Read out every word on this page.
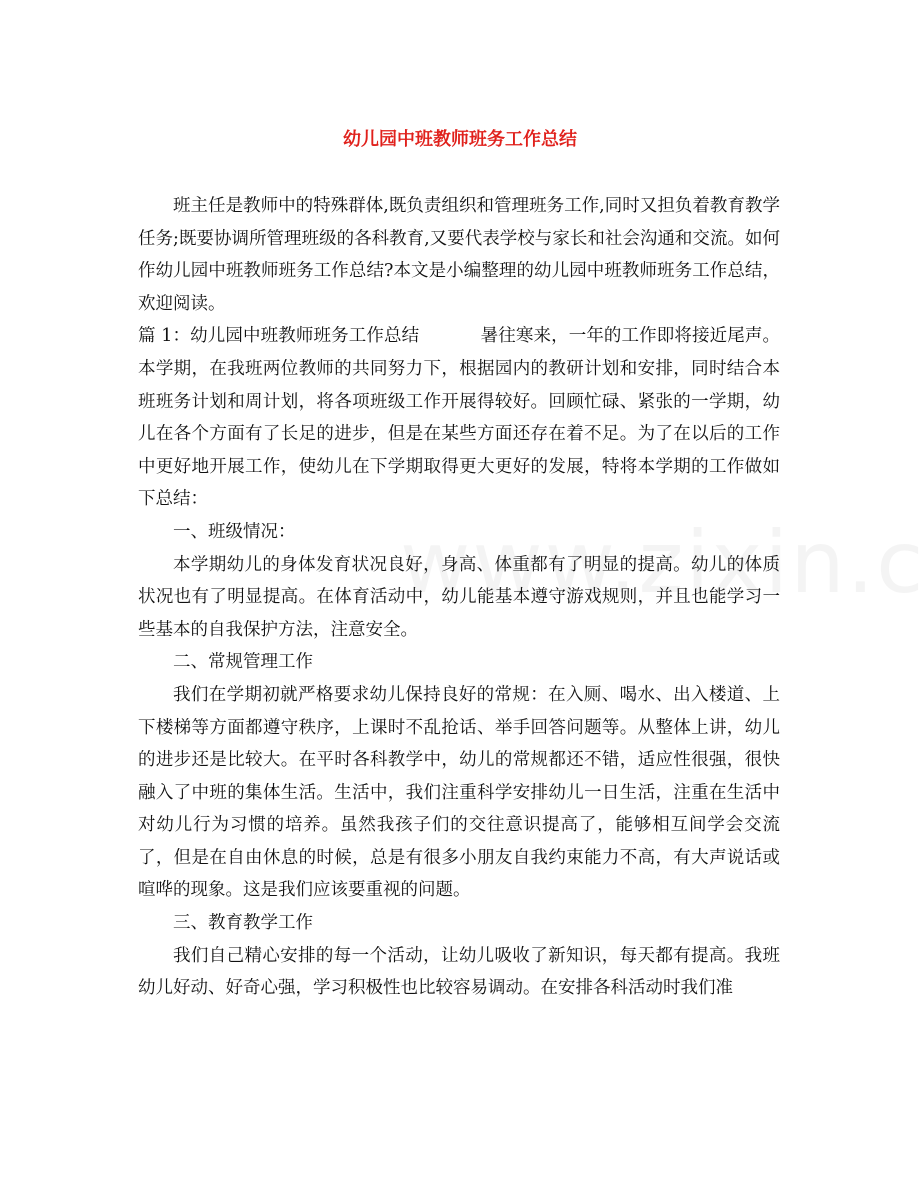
幼儿园中班教师班务工作总结

班主任是教师中的特殊群体,既负责组织和管理班务工作,同时又担负着教育教学任务;既要协调所管理班级的各科教育,又要代表学校与家长和社会沟通和交流。如何作幼儿园中班教师班务工作总结?本文是小编整理的幼儿园中班教师班务工作总结，欢迎阅读。

篇 1：幼儿园中班教师班务工作总结	暑往寒来，一年的工作即将接近尾声。本学期，在我班两位教师的共同努力下，根据园内的教研计划和安排，同时结合本班班务计划和周计划，将各项班级工作开展得较好。回顾忙碌、紧张的一学期，幼儿在各个方面有了长足的进步，但是在某些方面还存在着不足。为了在以后的工作中更好地开展工作，使幼儿在下学期取得更大更好的发展，特将本学期的工作做如下总结：

一、班级情况：

本学期幼儿的身体发育状况良好，身高、体重都有了明显的提高。幼儿的体质状况也有了明显提高。在体育活动中，幼儿能基本遵守游戏规则，并且也能学习一些基本的自我保护方法，注意安全。

二、常规管理工作

我们在学期初就严格要求幼儿保持良好的常规：在入厕、喝水、出入楼道、上下楼梯等方面都遵守秩序，上课时不乱抢话、举手回答问题等。从整体上讲，幼儿的进步还是比较大。在平时各科教学中，幼儿的常规都还不错，适应性很强，很快融入了中班的集体生活。生活中，我们注重科学安排幼儿一日生活，注重在生活中对幼儿行为习惯的培养。虽然我孩子们的交往意识提高了，能够相互间学会交流了，但是在自由休息的时候，总是有很多小朋友自我约束能力不高，有大声说话或喧哗的现象。这是我们应该要重视的问题。

三、教育教学工作

我们自己精心安排的每一个活动，让幼儿吸收了新知识，每天都有提高。我班幼儿好动、好奇心强，学习积极性也比较容易调动。在安排各科活动时我们准
